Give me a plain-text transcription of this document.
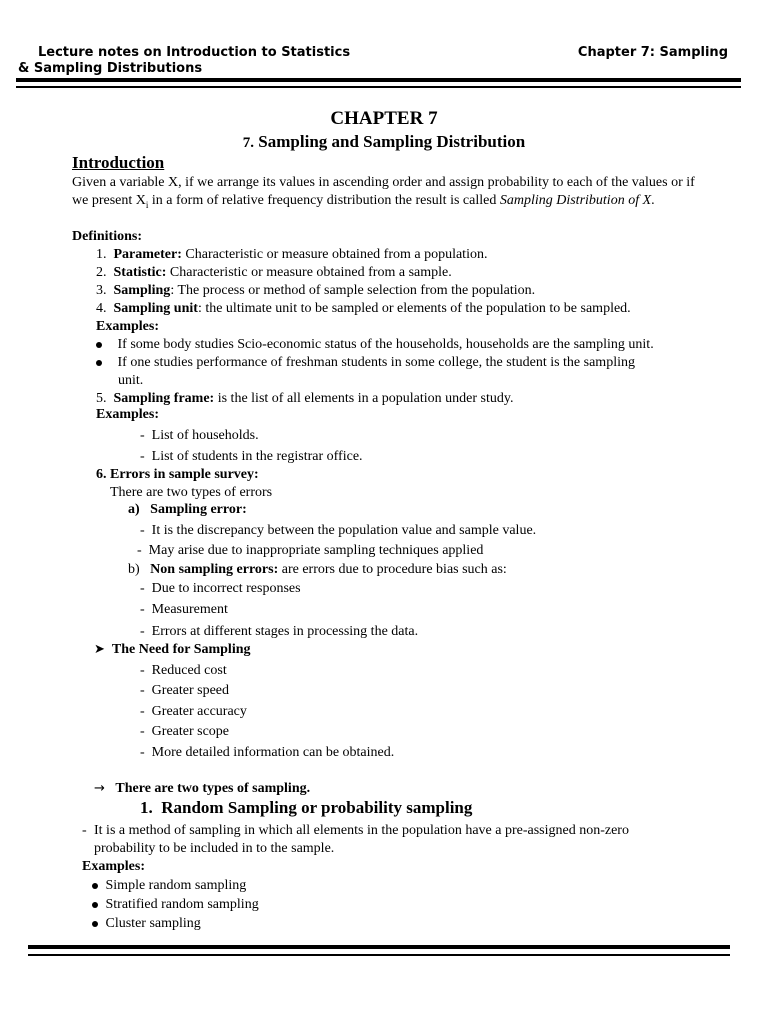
Lecture notes on Introduction to Statistics
& Sampling Distributions
Chapter 7: Sampling
CHAPTER 7
7. Sampling and Sampling Distribution
Introduction
Given a variable X, if we arrange its values in ascending order and assign probability to each of the values or if we present $X_i$ in a form of relative frequency distribution the result is called Sampling Distribution of X.
Definitions:
1. Parameter: Characteristic or measure obtained from a population.
2. Statistic: Characteristic or measure obtained from a sample.
3. Sampling: The process or method of sample selection from the population.
4. Sampling unit: the ultimate unit to be sampled or elements of the population to be sampled.
Examples:
If some body studies Scio-economic status of the households, households are the sampling unit.
If one studies performance of freshman students in some college, the student is the sampling
unit.
5. Sampling frame: is the list of all elements in a population under study.
Examples:
- List of households.
- List of students in the registrar office.
6. Errors in sample survey:
There are two types of errors
a) Sampling error:
- It is the discrepancy between the population value and sample value.
- May arise due to inappropriate sampling techniques applied
b) Non sampling errors: are errors due to procedure bias such as:
- Due to incorrect responses
- Measurement
- Errors at different stages in processing the data.
➤ The Need for Sampling
- Reduced cost
- Greater speed
- Greater accuracy
- Greater scope
- More detailed information can be obtained.
→ There are two types of sampling.
1.  Random Sampling or probability sampling
- It is a method of sampling in which all elements in the population have a pre-assigned non-zero
probability to be included in to the sample.
Examples:
Simple random sampling
Stratified random sampling
Cluster sampling
